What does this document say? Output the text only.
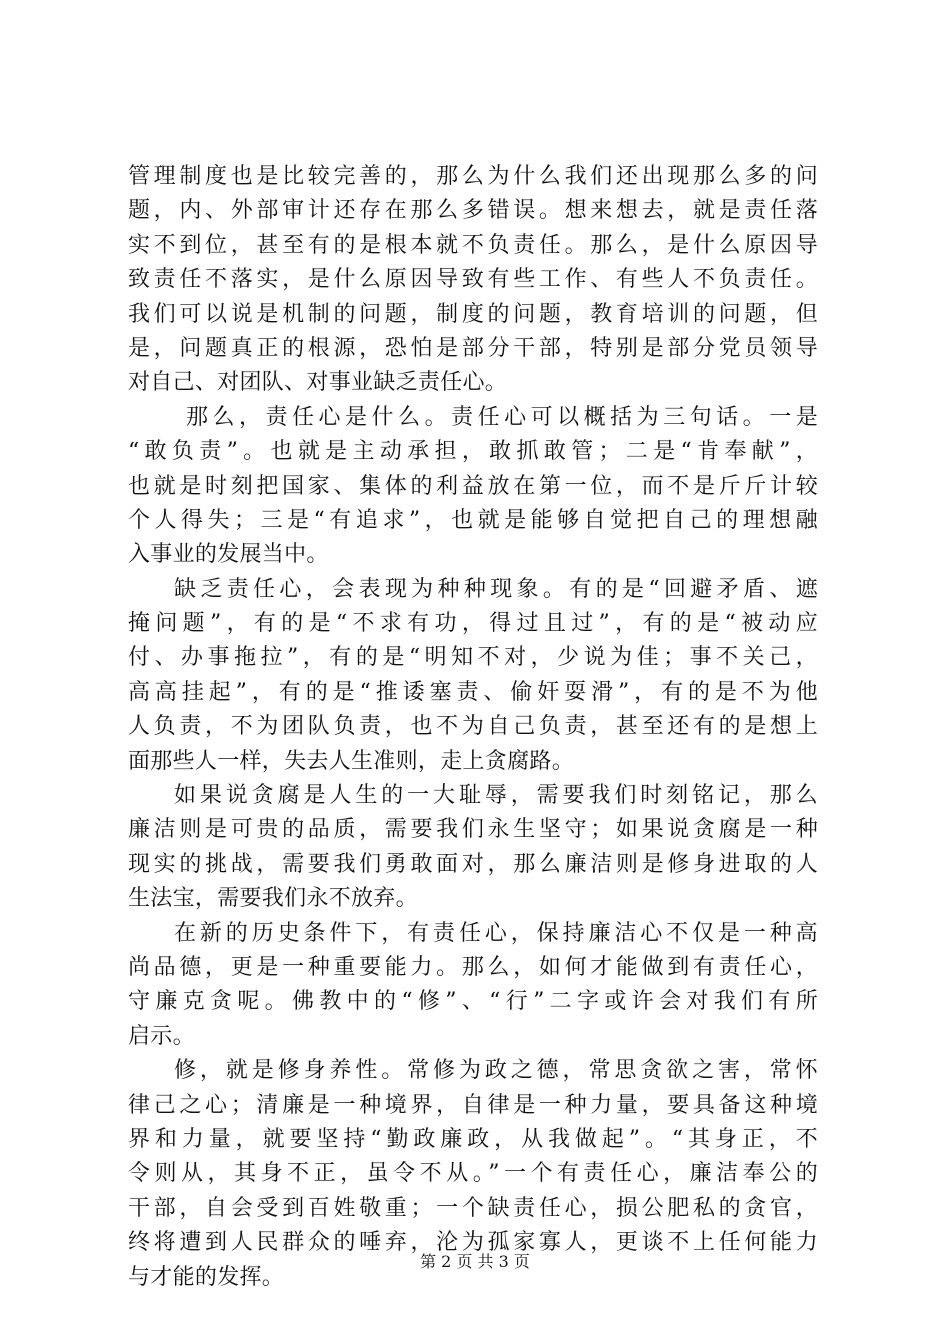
管理制度也是比较完善的，那么为什么我们还出现那么多的问
题，内、外部审计还存在那么多错误。想来想去，就是责任落
实不到位，甚至有的是根本就不负责任。那么，是什么原因导
致责任不落实，是什么原因导致有些工作、有些人不负责任。
我们可以说是机制的问题，制度的问题，教育培训的问题，但
是，问题真正的根源，恐怕是部分干部，特别是部分党员领导
对自己、对团队、对事业缺乏责任心。
那么，责任心是什么。责任心可以概括为三句话。一是
“敢负责”。也就是主动承担，敢抓敢管；二是“肯奉献”，
也就是时刻把国家、集体的利益放在第一位，而不是斤斤计较
个人得失；三是“有追求”，也就是能够自觉把自己的理想融
入事业的发展当中。
缺乏责任心，会表现为种种现象。有的是“回避矛盾、遮
掩问题”，有的是“不求有功，得过且过”，有的是“被动应
付、办事拖拉”，有的是“明知不对，少说为佳；事不关己，
高高挂起”，有的是“推诿塞责、偷奸耍滑”，有的是不为他
人负责，不为团队负责，也不为自己负责，甚至还有的是想上
面那些人一样，失去人生准则，走上贪腐路。
如果说贪腐是人生的一大耻辱，需要我们时刻铭记，那么
廉洁则是可贵的品质，需要我们永生坚守；如果说贪腐是一种
现实的挑战，需要我们勇敢面对，那么廉洁则是修身进取的人
生法宝，需要我们永不放弃。
在新的历史条件下，有责任心，保持廉洁心不仅是一种高
尚品德，更是一种重要能力。那么，如何才能做到有责任心，
守廉克贪呢。佛教中的“修”、“行”二字或许会对我们有所
启示。
修，就是修身养性。常修为政之德，常思贪欲之害，常怀
律己之心；清廉是一种境界，自律是一种力量，要具备这种境
界和力量，就要坚持“勤政廉政，从我做起”。“其身正，不
令则从，其身不正，虽令不从。”一个有责任心，廉洁奉公的
干部，自会受到百姓敬重；一个缺责任心，损公肥私的贪官，
终将遭到人民群众的唾弃，沦为孤家寡人，更谈不上任何能力
与才能的发挥。
第 2 页 共 3 页
